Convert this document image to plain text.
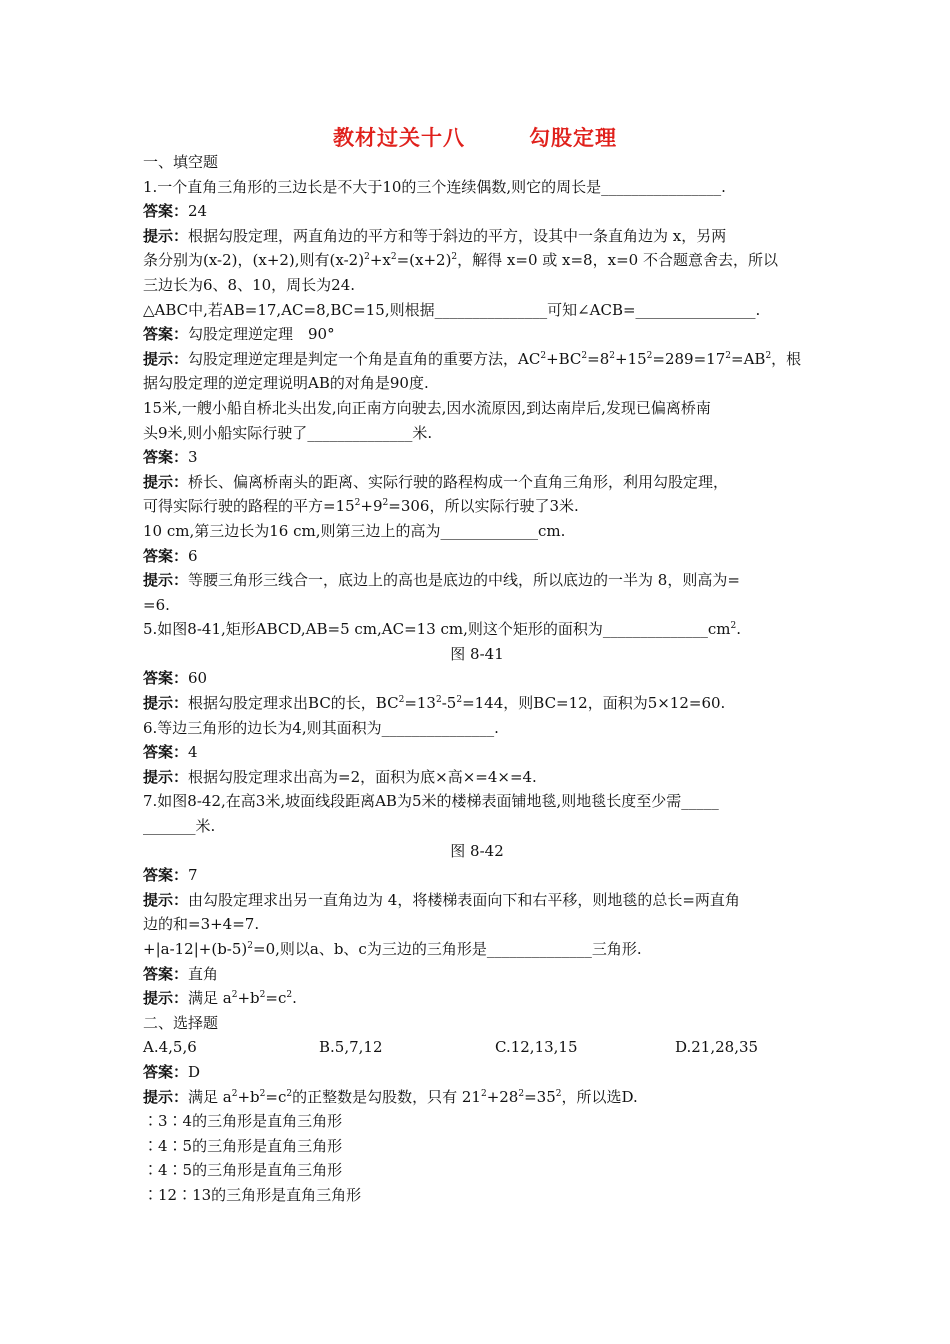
教材过关十八	勾股定理
一、填空题
1.一个直角三角形的三边长是不大于10的三个连续偶数,则它的周长是________________.
答案：24
提示：根据勾股定理，两直角边的平方和等于斜边的平方，设其中一条直角边为 x，另两
条分别为(x-2)，(x+2),则有$(x-2)^2+x^2=(x+2)^2$，解得 x=0 或 x=8，x=0 不合题意舍去，所以
三边长为6、8、10，周长为24.
△ABC中,若AB=17,AC=8,BC=15,则根据_______________可知∠ACB=________________.
答案：勾股定理逆定理　90°
提示：勾股定理逆定理是判定一个角是直角的重要方法，$AC^2+BC^2=8^2+15^2=289=17^2=AB^2$，根
据勾股定理的逆定理说明AB的对角是90度.
15米,一艘小船自桥北头出发,向正南方向驶去,因水流原因,到达南岸后,发现已偏离桥南
头9米,则小船实际行驶了______________米.
答案：3
提示：桥长、偏离桥南头的距离、实际行驶的路程构成一个直角三角形，利用勾股定理，
可得实际行驶的路程的平方$=15^2+9^2=306$，所以实际行驶了3米.
10 cm,第三边长为16 cm,则第三边上的高为_____________cm.
答案：6
提示：等腰三角形三线合一，底边上的高也是底边的中线，所以底边的一半为 8，则高为=
=6.
5.如图8-41,矩形ABCD,AB=5 cm,AC=13 cm,则这个矩形的面积为$\_\_\_\_\_\_\_\_\_\_\_\_\_\_cm^2$.
图 8-41
答案：60
提示：根据勾股定理求出BC的长，$BC^2=13^2-5^2=144$，则BC=12，面积为5×12=60.
6.等边三角形的边长为4,则其面积为_______________.
答案：4
提示：根据勾股定理求出高为=2，面积为底×高×=4×=4.
7.如图8-42,在高3米,坡面线段距离AB为5米的楼梯表面铺地毯,则地毯长度至少需_____
_______米.
图 8-42
答案：7
提示：由勾股定理求出另一直角边为 4，将楼梯表面向下和右平移，则地毯的总长=两直角
边的和=3+4=7.
$+|a-12|+(b-5)^2=0$,则以a、b、c为三边的三角形是______________三角形.
答案：直角
提示：满足 $a^2+b^2=c^2$.
二、选择题
A.4,5,6	B.5,7,12	C.12,13,15	D.21,28,35
答案：D
提示：满足 $a^2+b^2=c^2$的正整数是勾股数，只有 $21^2+28^2=35^2$，所以选D.
∶3∶4的三角形是直角三角形
∶4∶5的三角形是直角三角形
∶4∶5的三角形是直角三角形
∶12∶13的三角形是直角三角形
